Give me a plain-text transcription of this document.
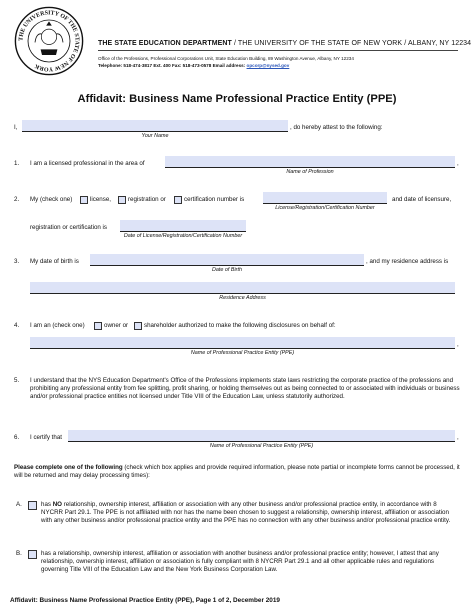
THE UNIVERSITY OF THE STATE OF NEW YORK
THE STATE EDUCATION DEPARTMENT / THE UNIVERSITY OF THE STATE OF NEW YORK / ALBANY, NY 12234
Office of the Professions, Professional Corporations Unit, State Education Building, 89 Washington Avenue, Albany, NY 12234
Telephone: 518-474-3817 Ext. 400 Fax: 518-473-0578 Email address: opcorp@nysed.gov
Affidavit: Business Name Professional Practice Entity (PPE)
I,	, do hereby attest to the following:
Your Name
1. I am a licensed professional in the area of	,
Name of Profession
2. My (check one)	license,	registration or	certification number is	and date of licensure,
License/Registration/Certification Number
registration or certification is
Date of License/Registration/Certification Number
3. My date of birth is	, and my residence address is
Date of Birth
Residence Address
4. I am an (check one)	owner or	shareholder authorized to make the following disclosures on behalf of:
,
Name of Professional Practice Entity (PPE)
5. I understand that the NYS Education Department's Office of the Professions implements state laws restricting the corporate practice of the professions and prohibiting any professional entity from fee splitting, profit sharing, or holding themselves out as being connected to or associated with individuals or business and/or professional practice entities not licensed under Title VIII of the Education Law, unless statutorily authorized.
6. I certify that	,
Name of Professional Practice Entity (PPE)
Please complete one of the following (check which box applies and provide required information, please note partial or incomplete forms cannot be processed, it will be returned and may delay processing times):
A.	has NO relationship, ownership interest, affiliation or association with any other business and/or professional practice entity, in accordance with 8 NYCRR Part 29.1. The PPE is not affiliated with nor has the name been chosen to suggest a relationship, ownership interest, affiliation or association with any other business and/or professional practice entity and the PPE has no connection with any other business and/or professional practice entity.
B.	has a relationship, ownership interest, affiliation or association with another business and/or professional practice entity; however, I attest that any relationship, ownership interest, affiliation or association is fully compliant with 8 NYCRR Part 29.1 and all other applicable rules and regulations governing Title VIII of the Education Law and the New York Business Corporation Law.
Affidavit: Business Name Professional Practice Entity (PPE), Page 1 of 2, December 2019
